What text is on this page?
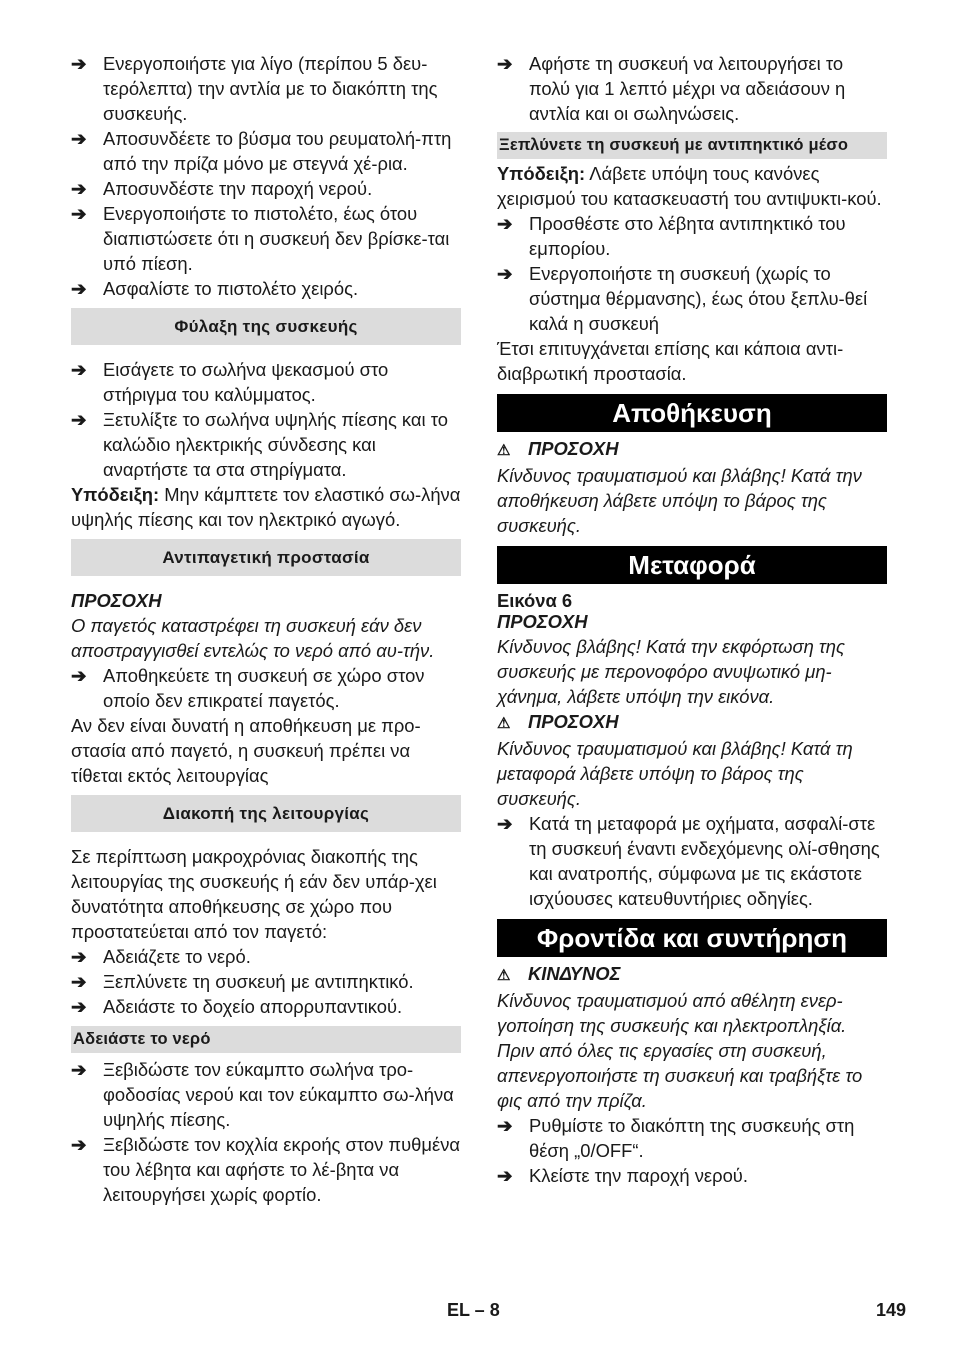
➔ Ενεργοποιήστε για λίγο (περίπου 5 δευ-τερόλεπτα) την αντλία με το διακόπτη της συσκευής.
➔ Αποσυνδέετε το βύσμα του ρευματολή-πτη από την πρίζα μόνο με στεγνά χέ-ρια.
➔ Αποσυνδέστε την παροχή νερού.
➔ Ενεργοποιήστε το πιστολέτο, έως ότου διαπιστώσετε ότι η συσκευή δεν βρίσκε-ται υπό πίεση.
➔ Ασφαλίστε το πιστολέτο χειρός.
Φύλαξη της συσκευής
➔ Εισάγετε το σωλήνα ψεκασμού στο στήριγμα του καλύμματος.
➔ Ξετυλίξτε το σωλήνα υψηλής πίεσης και το καλώδιο ηλεκτρικής σύνδεσης και αναρτήστε τα στα στηρίγματα.

Υπόδειξη: Μην κάμπτετε τον ελαστικό σω-λήνα υψηλής πίεσης και τον ηλεκτρικό αγωγό.

Αντιπαγετική προστασία

ΠΡΟΣΟΧΗ

Ο παγετός καταστρέφει τη συσκευή εάν δεν αποστραγγισθεί εντελώς το νερό από αυ-τήν.

➔ Αποθηκεύετε τη συσκευή σε χώρο στον οποίο δεν επικρατεί παγετός.

Αν δεν είναι δυνατή η αποθήκευση με προ-στασία από παγετό, η συσκευή πρέπει να τίθεται εκτός λειτουργίας

Διακοπή της λειτουργίας

Σε περίπτωση μακροχρόνιας διακοπής της λειτουργίας της συσκευής ή εάν δεν υπάρ-χει δυνατότητα αποθήκευσης σε χώρο που προστατεύεται από τον παγετό:

➔ Αδειάζετε το νερό.
➔ Ξεπλύνετε τη συσκευή με αντιπηκτικό.
➔ Αδειάστε το δοχείο απορρυπαντικού.
Αδειάστε το νερό
➔ Ξεβιδώστε τον εύκαμπτο σωλήνα τρο-φοδοσίας νερού και τον εύκαμπτο σω-λήνα υψηλής πίεσης.
➔ Ξεβιδώστε τον κοχλία εκροής στον πυθμένα του λέβητα και αφήστε το λέ-βητα να λειτουργήσει χωρίς φορτίο.
➔ Αφήστε τη συσκευή να λειτουργήσει το πολύ για 1 λεπτό μέχρι να αδειάσουν η αντλία και οι σωληνώσεις.
Ξεπλύνετε τη συσκευή με αντιπηκτικό μέσο

Υπόδειξη: Λάβετε υπόψη τους κανόνες χειρισμού του κατασκευαστή του αντιψυκτι-κού.

➔ Προσθέστε στο λέβητα αντιπηκτικό του εμπορίου.
➔ Ενεργοποιήστε τη συσκευή (χωρίς το σύστημα θέρμανσης), έως ότου ξεπλυ-θεί καλά η συσκευή

Έτσι επιτυγχάνεται επίσης και κάποια αντι-διαβρωτική προστασία.

Αποθήκευση

⚠ ΠΡΟΣΟΧΗ

Κίνδυνος τραυματισμού και βλάβης! Κατά την αποθήκευση λάβετε υπόψη το βάρος της συσκευής.

Μεταφορά

Εικόνα 6

ΠΡΟΣΟΧΗ

Κίνδυνος βλάβης! Κατά την εκφόρτωση της συσκευής με περονοφόρο ανυψωτικό μη-χάνημα, λάβετε υπόψη την εικόνα.

⚠ ΠΡΟΣΟΧΗ

Κίνδυνος τραυματισμού και βλάβης! Κατά τη μεταφορά λάβετε υπόψη το βάρος της συσκευής.

➔ Κατά τη μεταφορά με οχήματα, ασφαλί-στε τη συσκευή έναντι ενδεχόμενης ολί-σθησης και ανατροπής, σύμφωνα με τις εκάστοτε ισχύουσες κατευθυντήριες οδηγίες.
Φροντίδα και συντήρηση

⚠ ΚΙΝΔΥΝΟΣ

Κίνδυνος τραυματισμού από αθέλητη ενερ-γοποίηση της συσκευής και ηλεκτροπληξία. Πριν από όλες τις εργασίες στη συσκευή, απενεργοποιήστε τη συσκευή και τραβήξτε το φις από την πρίζα.

➔ Ρυθμίστε το διακόπτη της συσκευής στη θέση „0/OFF“.
➔ Κλείστε την παροχή νερού.
EL – 8	149
